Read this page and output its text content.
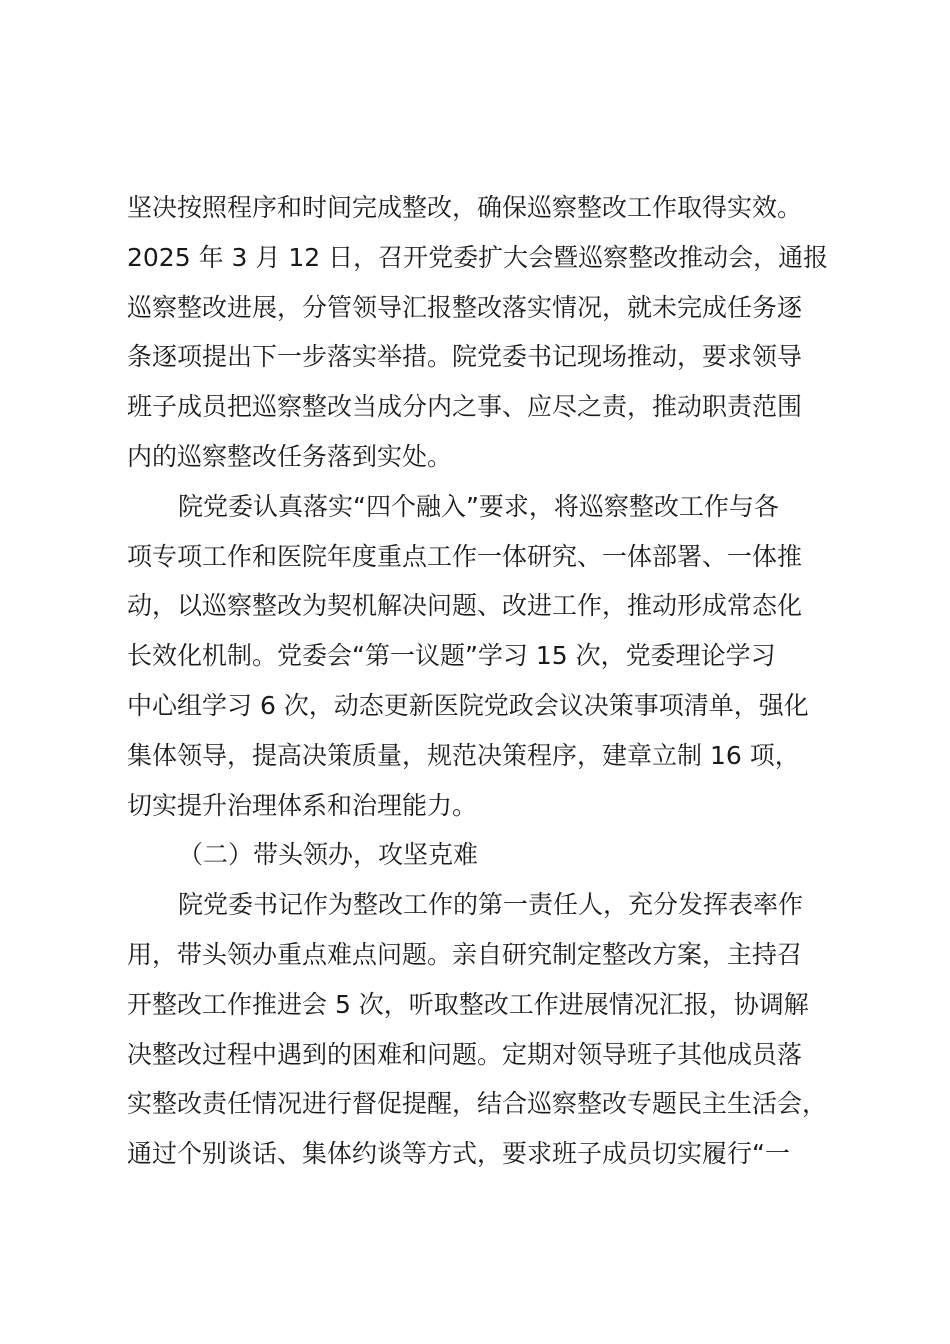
坚决按照程序和时间完成整改，确保巡察整改工作取得实效。
2025 年 3 月 12 日，召开党委扩大会暨巡察整改推动会，通报
巡察整改进展，分管领导汇报整改落实情况，就未完成任务逐
条逐项提出下一步落实举措。院党委书记现场推动，要求领导
班子成员把巡察整改当成分内之事、应尽之责，推动职责范围
内的巡察整改任务落到实处。
院党委认真落实“四个融入”要求，将巡察整改工作与各
项专项工作和医院年度重点工作一体研究、一体部署、一体推
动，以巡察整改为契机解决问题、改进工作，推动形成常态化
长效化机制。党委会“第一议题”学习 15 次，党委理论学习
中心组学习 6 次，动态更新医院党政会议决策事项清单，强化
集体领导，提高决策质量，规范决策程序，建章立制 16 项，
切实提升治理体系和治理能力。
（二）带头领办，攻坚克难
院党委书记作为整改工作的第一责任人，充分发挥表率作
用，带头领办重点难点问题。亲自研究制定整改方案，主持召
开整改工作推进会 5 次，听取整改工作进展情况汇报，协调解
决整改过程中遇到的困难和问题。定期对领导班子其他成员落
实整改责任情况进行督促提醒，结合巡察整改专题民主生活会，
通过个别谈话、集体约谈等方式，要求班子成员切实履行“一
